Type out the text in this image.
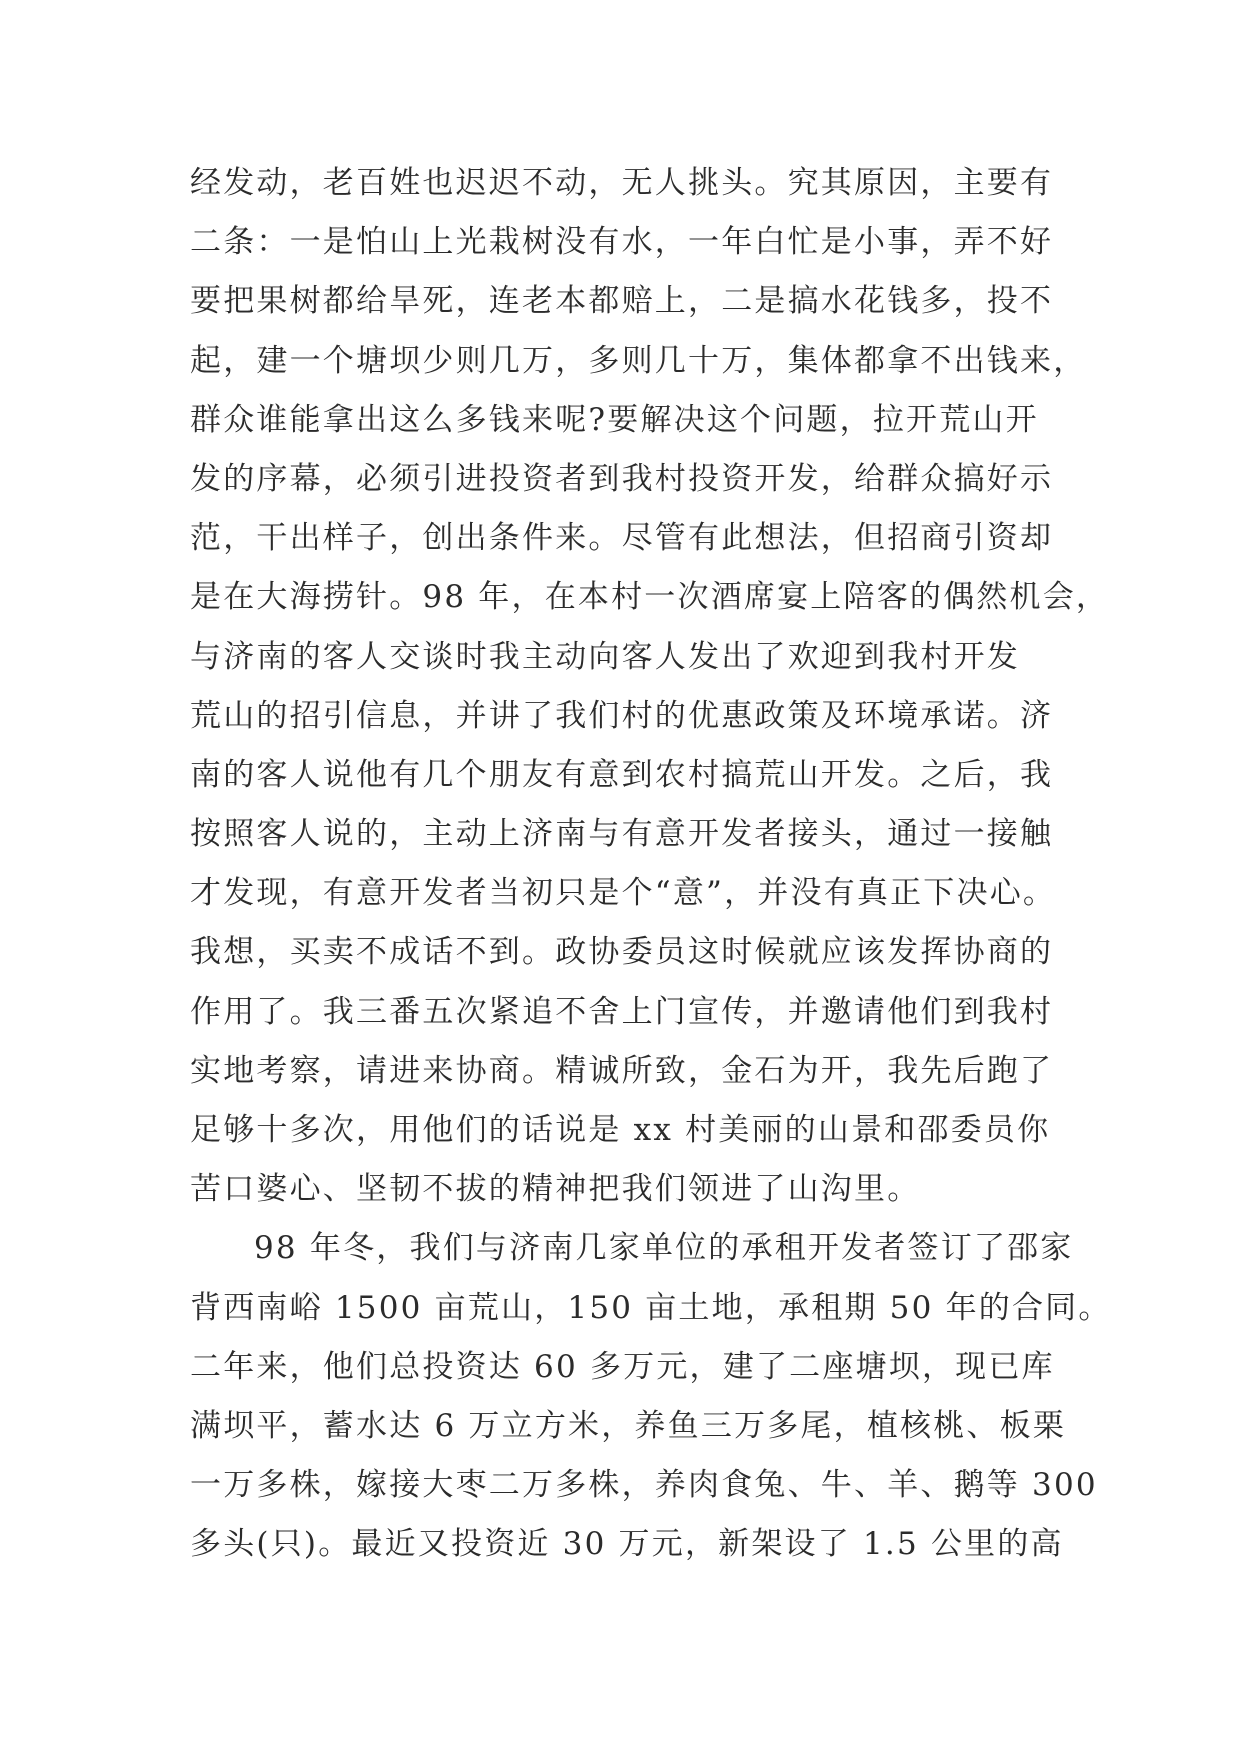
经发动，老百姓也迟迟不动，无人挑头。究其原因，主要有
二条：一是怕山上光栽树没有水，一年白忙是小事，弄不好
要把果树都给旱死，连老本都赔上，二是搞水花钱多，投不
起，建一个塘坝少则几万，多则几十万，集体都拿不出钱来，
群众谁能拿出这么多钱来呢?要解决这个问题，拉开荒山开
发的序幕，必须引进投资者到我村投资开发，给群众搞好示
范，干出样子，创出条件来。尽管有此想法，但招商引资却
是在大海捞针。98 年，在本村一次酒席宴上陪客的偶然机会，
与济南的客人交谈时我主动向客人发出了欢迎到我村开发
荒山的招引信息，并讲了我们村的优惠政策及环境承诺。济
南的客人说他有几个朋友有意到农村搞荒山开发。之后，我
按照客人说的，主动上济南与有意开发者接头，通过一接触
才发现，有意开发者当初只是个“意”，并没有真正下决心。
我想，买卖不成话不到。政协委员这时候就应该发挥协商的
作用了。我三番五次紧追不舍上门宣传，并邀请他们到我村
实地考察，请进来协商。精诚所致，金石为开，我先后跑了
足够十多次，用他们的话说是 xx 村美丽的山景和邵委员你
苦口婆心、坚韧不拔的精神把我们领进了山沟里。
98 年冬，我们与济南几家单位的承租开发者签订了邵家
背西南峪 1500 亩荒山，150 亩土地，承租期 50 年的合同。
二年来，他们总投资达 60 多万元，建了二座塘坝，现已库
满坝平，蓄水达 6 万立方米，养鱼三万多尾，植核桃、板栗
一万多株，嫁接大枣二万多株，养肉食兔、牛、羊、鹅等 300
多头(只)。最近又投资近 30 万元，新架设了 1.5 公里的高
